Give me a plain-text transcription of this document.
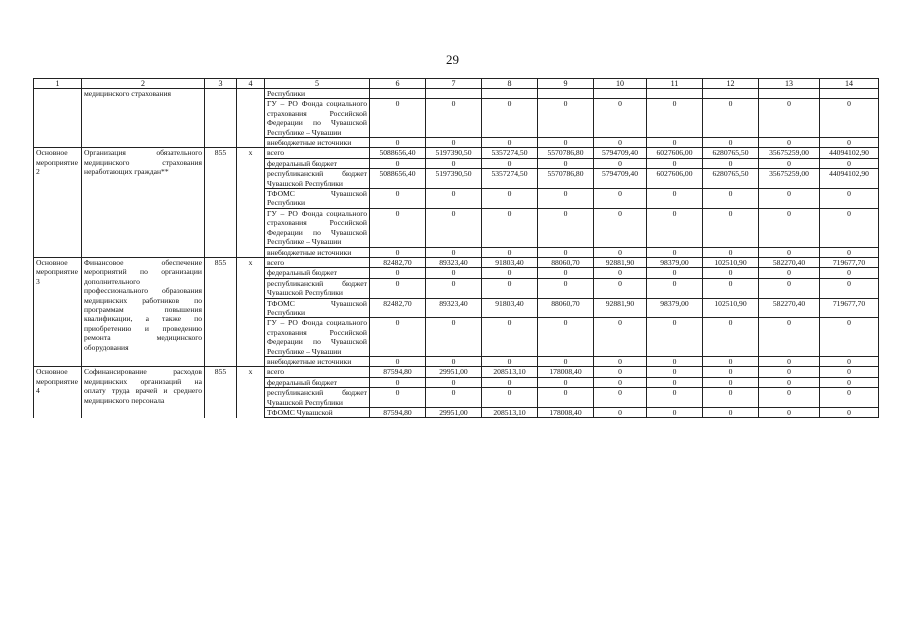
29
1	2	3	4	5	6	7	8	9	10	11	12	13	14
	медицинского страхования			Республики									
				ГУ – РО Фонда социального страхования Российской Федерации по Чувашской Республике – Чувашии	0	0	0	0	0	0	0	0	0
				внебюджетные источники	0	0	0	0	0	0	0	0	0
Основное мероприятие 2	Организация обязательного медицинского страхования неработающих граждан**	855	x	всего	5088656,40	5197390,50	5357274,50	5570786,80	5794709,40	6027606,00	6280765,50	35675259,00	44094102,90
				федеральный бюджет	0	0	0	0	0	0	0	0	0
				республиканский бюджет Чувашской Республики	5088656,40	5197390,50	5357274,50	5570786,80	5794709,40	6027606,00	6280765,50	35675259,00	44094102,90
				ТФОМС Чувашской Республики	0	0	0	0	0	0	0	0	0
				ГУ – РО Фонда социального страхования Российской Федерации по Чувашской Республике – Чувашии	0	0	0	0	0	0	0	0	0
				внебюджетные источники	0	0	0	0	0	0	0	0	0
Основное мероприятие 3	Финансовое обеспечение мероприятий по организации дополнительного профессионального образования медицинских работников по программам повышения квалификации, а также по приобретению и проведению ремонта медицинского оборудования	855	x	всего	82482,70	89323,40	91803,40	88060,70	92881,90	98379,00	102510,90	582270,40	719677,70
				федеральный бюджет	0	0	0	0	0	0	0	0	0
				республиканский бюджет Чувашской Республики	0	0	0	0	0	0	0	0	0
				ТФОМС Чувашской Республики	82482,70	89323,40	91803,40	88060,70	92881,90	98379,00	102510,90	582270,40	719677,70
				ГУ – РО Фонда социального страхования Российской Федерации по Чувашской Республике – Чувашии	0	0	0	0	0	0	0	0	0
				внебюджетные источники	0	0	0	0	0	0	0	0	0
Основное мероприятие 4	Софинансирование расходов медицинских организаций на оплату труда врачей и среднего медицинского персонала	855	x	всего	87594,80	29951,00	208513,10	178008,40	0	0	0	0	0
				федеральный бюджет	0	0	0	0	0	0	0	0	0
				республиканский бюджет Чувашской Республики	0	0	0	0	0	0	0	0	0
				ТФОМС Чувашской	87594,80	29951,00	208513,10	178008,40	0	0	0	0	0
